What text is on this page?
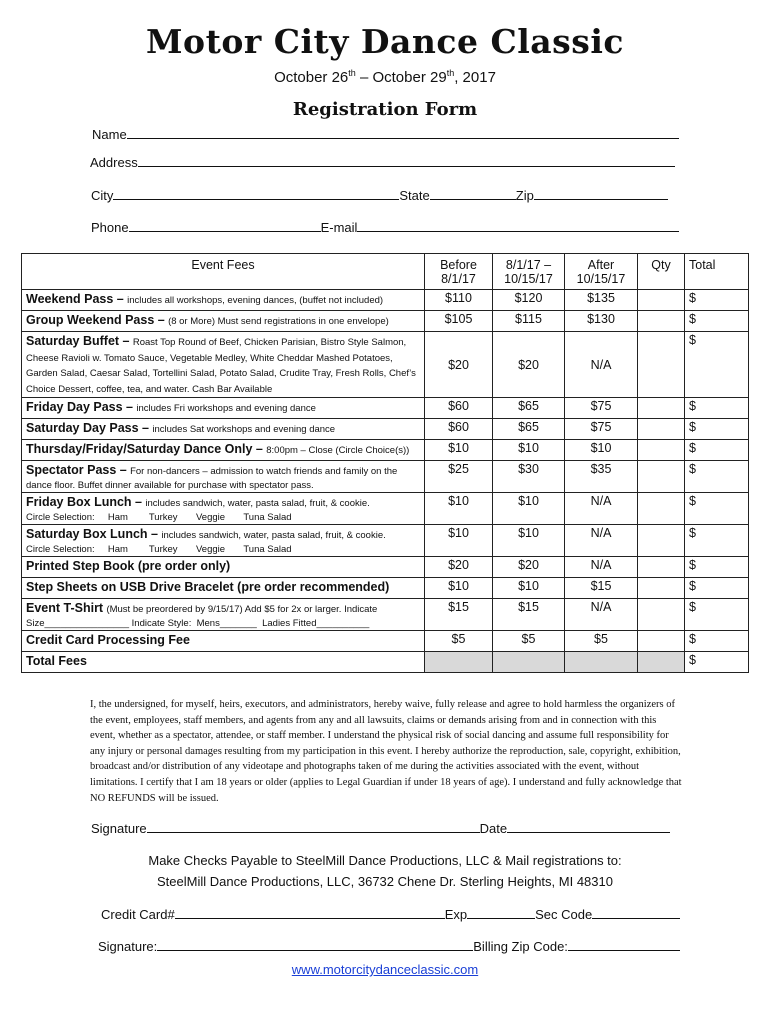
Motor City Dance Classic
October 26th – October 29th, 2017
Registration Form
Name
Address
City	State	Zip
Phone	E-mail
Event Fees	Before 8/1/17	8/1/17 – 10/15/17	After 10/15/17	Qty	Total
Weekend Pass – includes all workshops, evening dances, (buffet not included)	$110	$120	$135		$
Group Weekend Pass – (8 or More) Must send registrations in one envelope)	$105	$115	$130		$
Saturday Buffet – Roast Top Round of Beef, Chicken Parisian, Bistro Style Salmon, Cheese Ravioli w. Tomato Sauce, Vegetable Medley, White Cheddar Mashed Potatoes, Garden Salad, Caesar Salad, Tortellini Salad, Potato Salad, Crudite Tray, Fresh Rolls, Chef’s Choice Dessert, coffee, tea, and water. Cash Bar Available	$20	$20	N/A		$
Friday Day Pass – includes Fri workshops and evening dance	$60	$65	$75		$
Saturday Day Pass – includes Sat workshops and evening dance	$60	$65	$75		$
Thursday/Friday/Saturday Dance Only – 8:00pm – Close (Circle Choice(s))	$10	$10	$10		$
Spectator Pass – For non-dancers – admission to watch friends and family on the dance floor. Buffet dinner available for purchase with spectator pass.	$25	$30	$35		$
Friday Box Lunch – includes sandwich, water, pasta salad, fruit, & cookie.
Circle Selection:     Ham        Turkey       Veggie       Tuna Salad	$10	$10	N/A		$
Saturday Box Lunch – includes sandwich, water, pasta salad, fruit, & cookie.
Circle Selection:     Ham        Turkey       Veggie       Tuna Salad	$10	$10	N/A		$
Printed Step Book (pre order only)	$20	$20	N/A		$
Step Sheets on USB Drive Bracelet (pre order recommended)	$10	$10	$15		$
Event T-Shirt (Must be preordered by 9/15/17) Add $5 for 2x or larger. Indicate
Size________________ Indicate Style:  Mens_______  Ladies Fitted__________	$15	$15	N/A		$
Credit Card Processing Fee	$5	$5	$5		$
Total Fees					$
I, the undersigned, for myself, heirs, executors, and administrators, hereby waive, fully release and agree to hold harmless the organizers of the event, employees, staff members, and agents from any and all lawsuits, claims or demands arising from and in connection with this event, whether as a spectator, attendee, or staff member. I understand the physical risk of social dancing and assume full responsibility for any injury or personal damages resulting from my participation in this event. I hereby authorize the reproduction, sale, copyright, exhibition, broadcast and/or distribution of any videotape and photographs taken of me during the activities associated with the event, without limitations. I certify that I am 18 years or older (applies to Legal Guardian if under 18 years of age). I understand and fully acknowledge that NO REFUNDS will be issued.
Signature	Date
Make Checks Payable to SteelMill Dance Productions, LLC & Mail registrations to:
SteelMill Dance Productions, LLC, 36732 Chene Dr. Sterling Heights, MI 48310
Credit Card#	Exp	Sec Code
Signature:	Billing Zip Code:
www.motorcitydanceclassic.com
